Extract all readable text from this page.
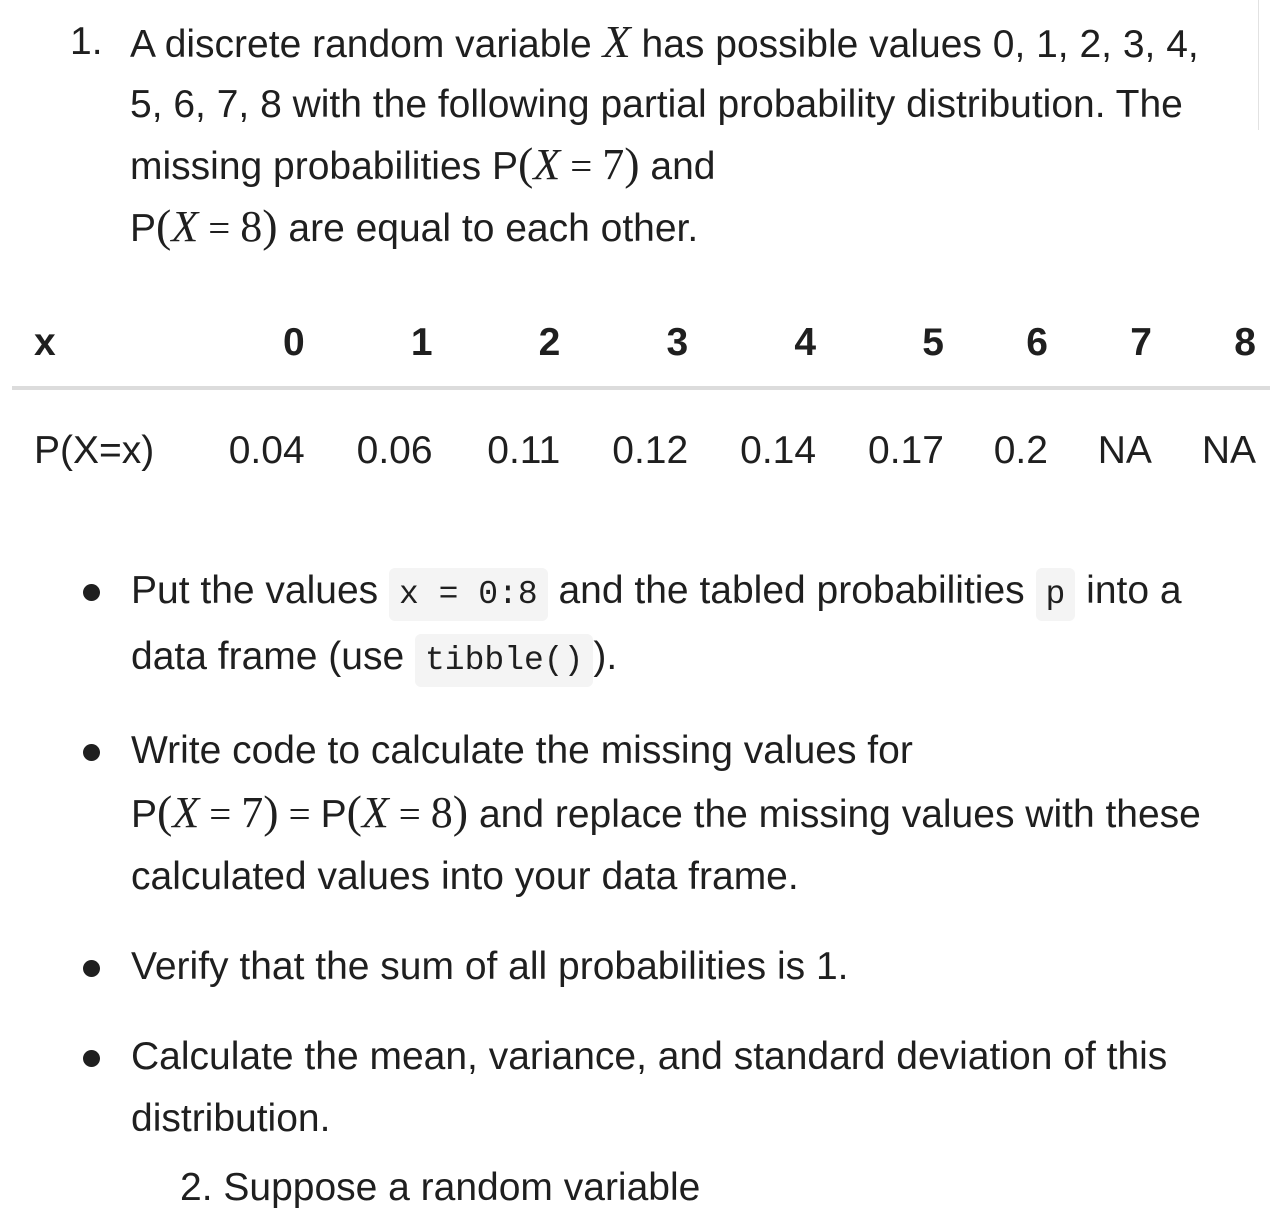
1. A discrete random variable X has possible values 0, 1, 2, 3, 4, 5, 6, 7, 8 with the following partial probability distribution. The missing probabilities P(X = 7) and
P(X = 8) are equal to each other.
x	0	1	2	3	4	5	6	7	8
P(X=x)	0.04	0.06	0.11	0.12	0.14	0.17	0.2	NA	NA
Put the values x = 0:8 and the tabled probabilities p into a data frame (use tibble() ).
Write code to calculate the missing values for
P(X = 7) = P(X = 8) and replace the missing values with these calculated values into your data frame.
Verify that the sum of all probabilities is 1.
Calculate the mean, variance, and standard deviation of this distribution.
2. Suppose a random variable
